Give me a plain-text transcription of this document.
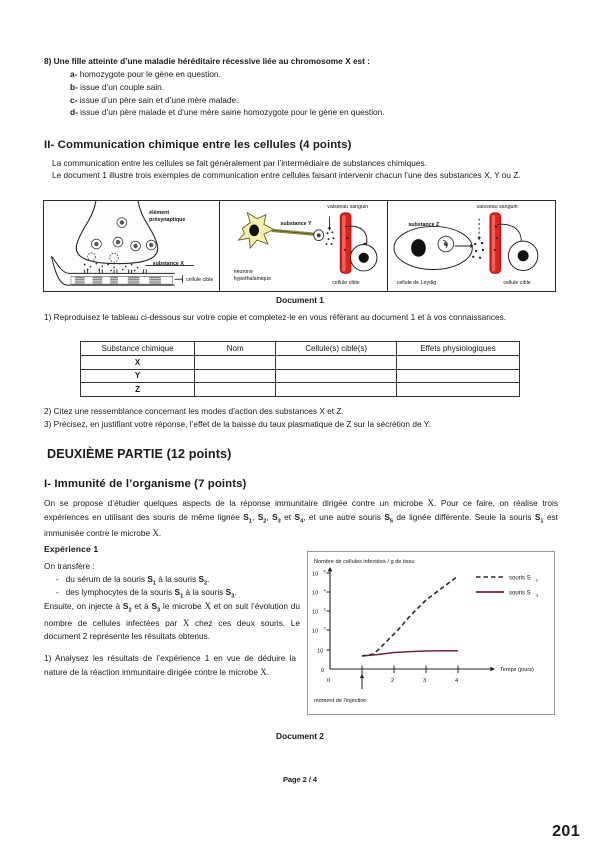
8) Une fille atteinte d’une maladie héréditaire récessive liée au chromosome X est :
a- homozygote pour le gène en question.
b- issue d’un couple sain.
c- issue d’un père sain et d’une mère malade.
d- issue d’un père malade et d’une mère saine homozygote pour le gène en question.
II- Communication chimique entre les cellules (4 points)
La communication entre les cellules se fait généralement par l’intermédiaire de substances chimiques.
Le document 1 illustre trois exemples de communication entre cellules faisant intervenir chacun l’une des substances X, Y ou Z.
élément
présynaptique
substance X
cellule cible
substance Y
vaisseau sanguin
neurone
hypothalamique
cellule cible
substance Z
vaisseau sanguin
cellule de Leydig	cellule cible
Document 1
1) Reproduisez le tableau ci-dessous sur votre copie et completez-le en vous référant au document 1 et à vos connaissances.
Substance chimique	Nom	Cellule(s) cible(s)	Effets physiologiques
X			
Y			
Z			
2) Citez une ressemblance concernant les modes d’action des substances X et Z.
3) Précisez, en justifiant votre réponse, l’effet de la baisse du taux plasmatique de Z sur la sécrétion de Y.
DEUXIÈME PARTIE (12 points)
I- Immunité de l’organisme (7 points)
On se propose d’étudier quelques aspects de la réponse immunitaire dirigée contre un microbe X. Pour ce faire, on réalise trois expériences en utilisant des souris de même lignée $S_1$, $S_2$, $S_3$ et $S_4$, et une autre souris $S_5$ de lignée différente. Seule la souris $S_1$ est immunisée contre le microbe X.
Expérience 1
On transfère :
-   du sérum de la souris $S_1$ à la souris $S_2$.
-   des lymphocytes de la souris $S_1$ à la souris $S_3$.
Ensuite, on injecte à $S_2$ et à $S_3$ le microbe X et on suit l’évolution du nombre de cellules infectées par X chez ces deux souris. Le document 2 représente les résultats obtenus.
1) Analysez les résultats de l’expérience 1 en vue de déduire la nature de la réaction immunitaire dirigée contre le microbe X.
Nombre de cellules infectées / g de tissu
10
5
10
4
10
3
10
2
10
0
0	2	3	4
Temps (jours)
moment de l’injection
souris S 2
souris S 3
Document 2
Page 2 / 4
201
